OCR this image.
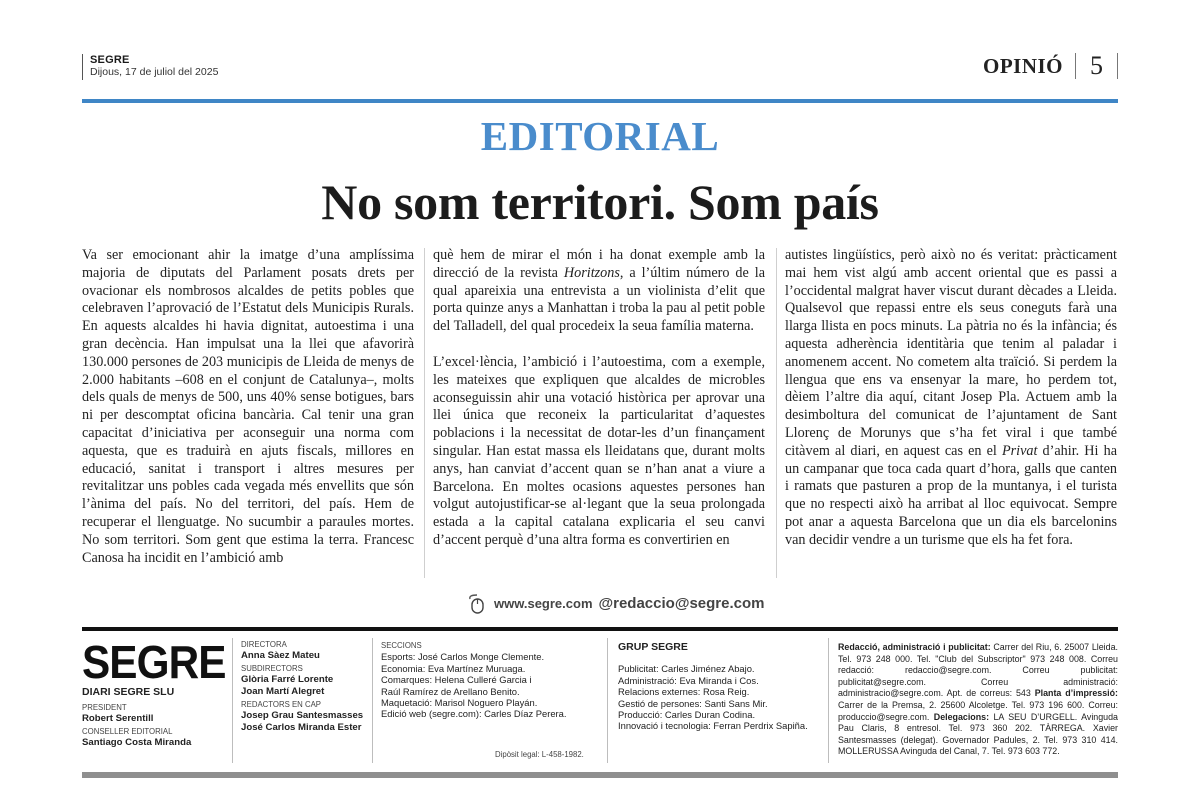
SEGRE
Dijous, 17 de juliol del 2025	OPINIÓ 5
EDITORIAL
No som territori. Som país

Va ser emocionant ahir la imatge d’una amplíssima majoria de diputats del Parlament posats drets per ovacionar els nombrosos alcaldes de petits pobles que celebraven l’aprovació de l’Estatut dels Municipis Rurals. En aquests alcaldes hi havia dignitat, autoestima i una gran decència. Han impulsat una la llei que afavorirà 130.000 persones de 203 municipis de Lleida de menys de 2.000 habitants –608 en el conjunt de Catalunya–, molts dels quals de menys de 500, uns 40% sense botigues, bars ni per descomptat oficina bancària. Cal tenir una gran capacitat d’iniciativa per aconseguir una norma com aquesta, que es traduirà en ajuts fiscals, millores en educació, sanitat i transport i altres mesures per revitalitzar uns pobles cada vegada més envellits que són l’ànima del país. No del territori, del país. Hem de recuperar el llenguatge. No sucumbir a paraules mortes. No som territori. Som gent que estima la terra. Francesc Canosa ha incidit en l’ambició amb

què hem de mirar el món i ha donat exemple amb la direcció de la revista Horitzons, a l’últim número de la qual apareixia una entrevista a un violinista d’elit que porta quinze anys a Manhattan i troba la pau al petit poble del Talladell, del qual procedeix la seua família materna.

L’excel·lència, l’ambició i l’autoestima, com a exemple, les mateixes que expliquen que alcaldes de microbles aconseguissin ahir una votació històrica per aprovar una llei única que reconeix la particularitat d’aquestes poblacions i la necessitat de dotar-les d’un finançament singular. Han estat massa els lleidatans que, durant molts anys, han canviat d’accent quan se n’han anat a viure a Barcelona. En moltes ocasions aquestes persones han volgut autojustificar-se al·legant que la seua prolongada estada a la capital catalana explicaria el seu canvi d’accent perquè d’una altra forma es convertirien en

autistes lingüístics, però això no és veritat: pràcticament mai hem vist algú amb accent oriental que es passi a l’occidental malgrat haver viscut durant dècades a Lleida. Qualsevol que repassi entre els seus coneguts farà una llarga llista en pocs minuts. La pàtria no és la infància; és aquesta adherència identitària que tenim al paladar i anomenem accent. No cometem alta traïció. Si perdem la llengua que ens va ensenyar la mare, ho perdem tot, dèiem l’altre dia aquí, citant Josep Pla. Actuem amb la desimboltura del comunicat de l’ajuntament de Sant Llorenç de Morunys que s’ha fet viral i que també citàvem al diari, en aquest cas en el Privat d’ahir. Hi ha un campanar que toca cada quart d’hora, galls que canten i ramats que pasturen a prop de la muntanya, i el turista que no respecti això ha arribat al lloc equivocat. Sempre pot anar a aquesta Barcelona que un dia els barcelonins van decidir vendre a un turisme que els ha fet fora.

www.segre.com @redaccio@segre.com
SEGRE
DIARI SEGRE SLU
PRESIDENT
Robert Serentill
CONSELLER EDITORIAL
Santiago Costa Miranda
DIRECTORA
Anna Sàez Mateu
SUBDIRECTORS
Glòria Farré Lorente
Joan Martí Alegret
REDACTORS EN CAP
Josep Grau Santesmasses
José Carlos Miranda Ester
SECCIONS
Esports: José Carlos Monge Clemente.
Economia: Eva Martínez Muruaga.
Comarques: Helena Culleré Garcia i
Raúl Ramírez de Arellano Benito.
Maquetació: Marisol Noguero Playán.
Edició web (segre.com): Carles Díaz Perera.
Dipòsit legal: L-458-1982.
GRUP SEGRE
Publicitat: Carles Jiménez Abajo.
Administració: Eva Miranda i Cos.
Relacions externes: Rosa Reig.
Gestió de persones: Santi Sans Mir.
Producció: Carles Duran Codina.
Innovació i tecnologia: Ferran Perdrix Sapiña.
Redacció, administració i publicitat: Carrer del Riu, 6. 25007 Lleida. Tel. 973 248 000. Tel. "Club del Subscriptor" 973 248 008. Correu redacció: redaccio@segre.com. Correu publicitat: publicitat@segre.com. Correu administració: administracio@segre.com. Apt. de correus: 543 Planta d’impressió: Carrer de la Premsa, 2. 25600 Alcoletge. Tel. 973 196 600. Correu: produccio@segre.com. Delegacions: LA SEU D’URGELL. Avinguda Pau Claris, 8 entresol. Tel. 973 360 202. TÀRREGA. Xavier Santesmasses (delegat). Governador Padules, 2. Tel. 973 310 414. MOLLERUSSA Avinguda del Canal, 7. Tel. 973 603 772.
